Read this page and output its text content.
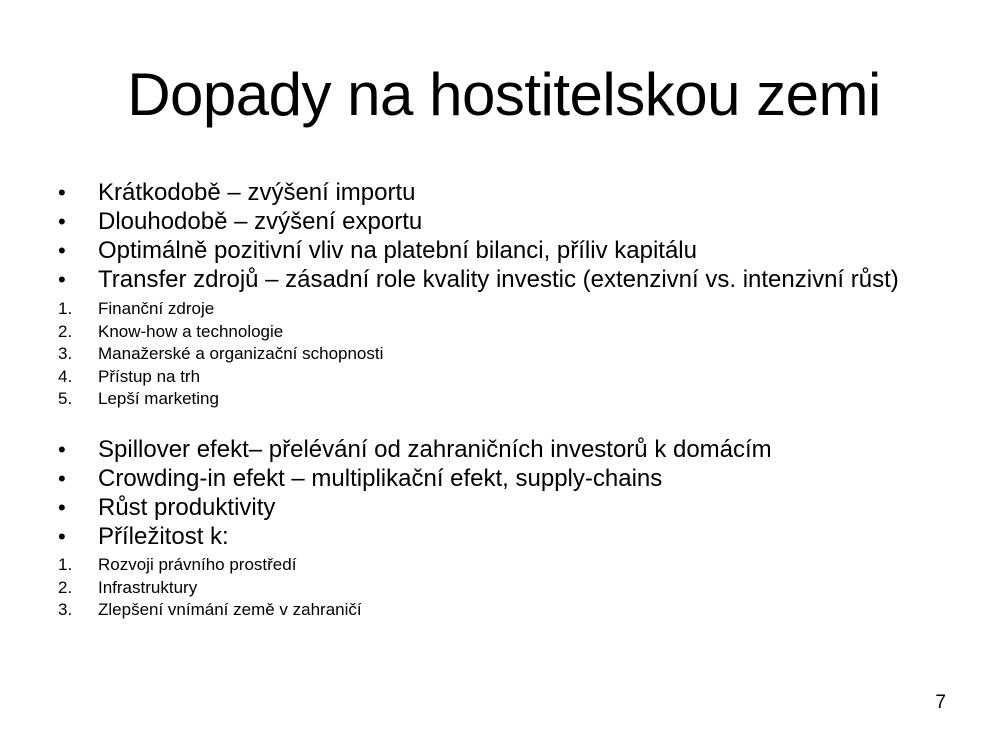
Dopady na hostitelskou zemi
• Krátkodobě – zvýšení importu
• Dlouhodobě – zvýšení exportu
• Optimálně pozitivní vliv na platební bilanci, příliv kapitálu
• Transfer zdrojů – zásadní role kvality investic (extenzivní vs. intenzivní růst)
1. Finanční zdroje
2. Know-how a technologie
3. Manažerské a organizační schopnosti
4. Přístup na trh
5. Lepší marketing
• Spillover efekt– přelévání od zahraničních investorů k domácím
• Crowding-in efekt – multiplikační efekt, supply-chains
• Růst produktivity
• Příležitost k:
1. Rozvoji právního prostředí
2. Infrastruktury
3. Zlepšení vnímání země v zahraničí
7
